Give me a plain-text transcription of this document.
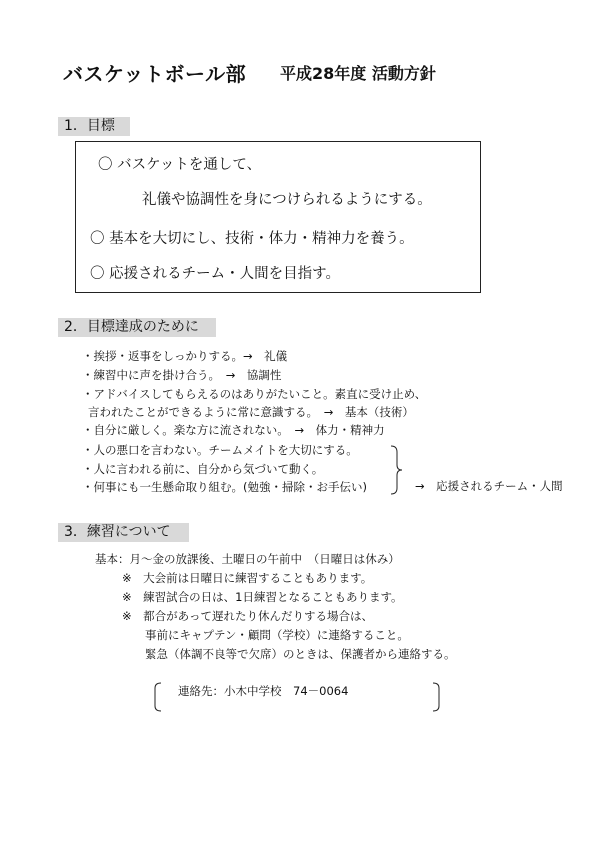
バスケットボール部 平成28年度 活動方針
1．目標
〇 バスケットを通して、
礼儀や協調性を身につけられるようにする。
〇 基本を大切にし、技術・体力・精神力を養う。
〇 応援されるチーム・人間を目指す。
2．目標達成のために
・挨拶・返事をしっかりする。→　礼儀
・練習中に声を掛け合う。　→　協調性
・アドバイスしてもらえるのはありがたいこと。素直に受け止め、
言われたことができるように常に意識する。　→　基本（技術）
・自分に厳しく。楽な方に流されない。　→　体力・精神力
・人の悪口を言わない。チームメイトを大切にする。
・人に言われる前に、自分から気づいて動く。
・何事にも一生懸命取り組む。(勉強・掃除・お手伝い)	→　応援されるチーム・人間
3．練習について
基本：月～金の放課後、土曜日の午前中　（日曜日は休み）
※　大会前は日曜日に練習することもあります。
※　練習試合の日は、1日練習となることもあります。
※　都合があって遅れたり休んだりする場合は、
事前にキャプテン・顧問（学校）に連絡すること。
緊急（体調不良等で欠席）のときは、保護者から連絡する。
連絡先：小木中学校　74－0064
